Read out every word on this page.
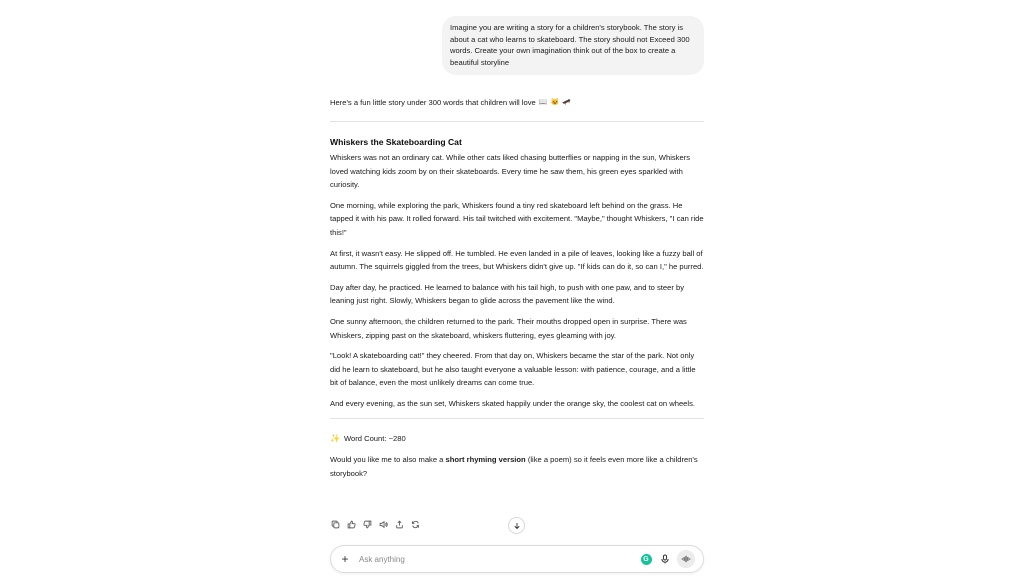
Imagine you are writing a story for a children's storybook. The story is about a cat who learns to skateboard. The story should not Exceed 300 words. Create your own imagination think out of the box to create a beautiful storyline
Here's a fun little story under 300 words that children will love 📖 🐱 🛹
Whiskers the Skateboarding Cat

Whiskers was not an ordinary cat. While other cats liked chasing butterflies or napping in the sun, Whiskers loved watching kids zoom by on their skateboards. Every time he saw them, his green eyes sparkled with curiosity.

One morning, while exploring the park, Whiskers found a tiny red skateboard left behind on the grass. He tapped it with his paw. It rolled forward. His tail twitched with excitement. "Maybe," thought Whiskers, "I can ride this!"

At first, it wasn't easy. He slipped off. He tumbled. He even landed in a pile of leaves, looking like a fuzzy ball of autumn. The squirrels giggled from the trees, but Whiskers didn't give up. "If kids can do it, so can I," he purred.

Day after day, he practiced. He learned to balance with his tail high, to push with one paw, and to steer by leaning just right. Slowly, Whiskers began to glide across the pavement like the wind.

One sunny afternoon, the children returned to the park. Their mouths dropped open in surprise. There was Whiskers, zipping past on the skateboard, whiskers fluttering, eyes gleaming with joy.

"Look! A skateboarding cat!" they cheered. From that day on, Whiskers became the star of the park. Not only did he learn to skateboard, but he also taught everyone a valuable lesson: with patience, courage, and a little bit of balance, even the most unlikely dreams can come true.

And every evening, as the sun set, Whiskers skated happily under the orange sky, the coolest cat on wheels.

✨ Word Count: ~280

Would you like me to also make a short rhyming version (like a poem) so it feels even more like a children's storybook?

+
Ask anything	G
